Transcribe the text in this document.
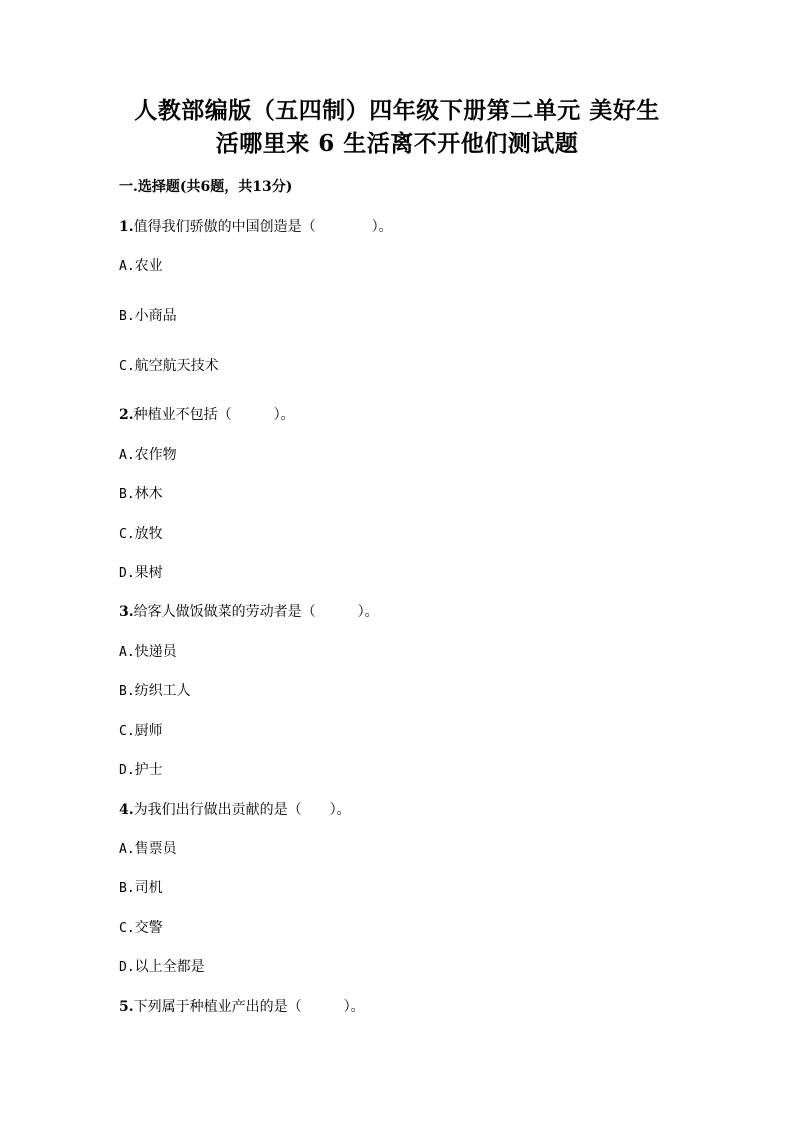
人教部编版（五四制）四年级下册第二单元 美好生
活哪里来 6 生活离不开他们测试题
一.选择题(共6题，共13分)
1.值得我们骄傲的中国创造是（　　　　）。
A.农业
B.小商品
C.航空航天技术
2.种植业不包括（　　　）。
A.农作物
B.林木
C.放牧
D.果树
3.给客人做饭做菜的劳动者是（　　　）。
A.快递员
B.纺织工人
C.厨师
D.护士
4.为我们出行做出贡献的是（　　）。
A.售票员
B.司机
C.交警
D.以上全都是
5.下列属于种植业产出的是（　　　）。
